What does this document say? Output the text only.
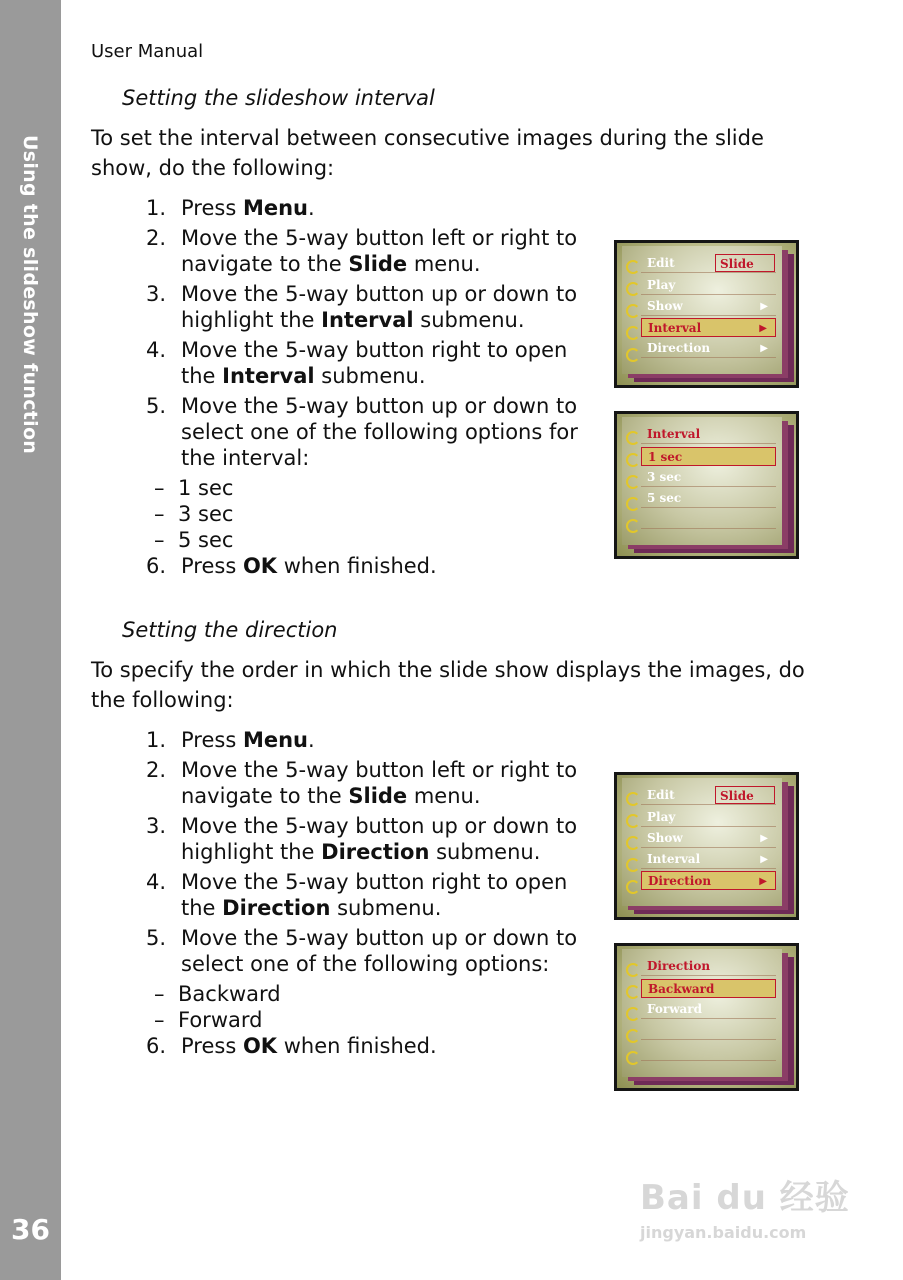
Using the slideshow function
36
User Manual
Setting the slideshow interval
To set the interval between consecutive images during the slide show, do the following:
1. Press Menu.
2. Move the 5-way button left or right to navigate to the Slide menu.
3. Move the 5-way button up or down to highlight the Interval submenu.
4. Move the 5-way button right to open the Interval submenu.
5. Move the 5-way button up or down to select one of the following options for the interval:
– 1 sec
– 3 sec
– 5 sec
6. Press OK when finished.
Edit	Slide
Play
Show	▶
Interval	▶
Direction	▶
Interval
1 sec
3 sec
5 sec
Setting the direction
To specify the order in which the slide show displays the images, do the following:
1. Press Menu.
2. Move the 5-way button left or right to navigate to the Slide menu.
3. Move the 5-way button up or down to highlight the Direction submenu.
4. Move the 5-way button right to open the Direction submenu.
5. Move the 5-way button up or down to select one of the following options:
– Backward
– Forward
6. Press OK when finished.
Edit	Slide
Play
Show	▶
Interval	▶
Direction	▶
Direction
Backward
Forward
Bai du 经验
jingyan.baidu.com
